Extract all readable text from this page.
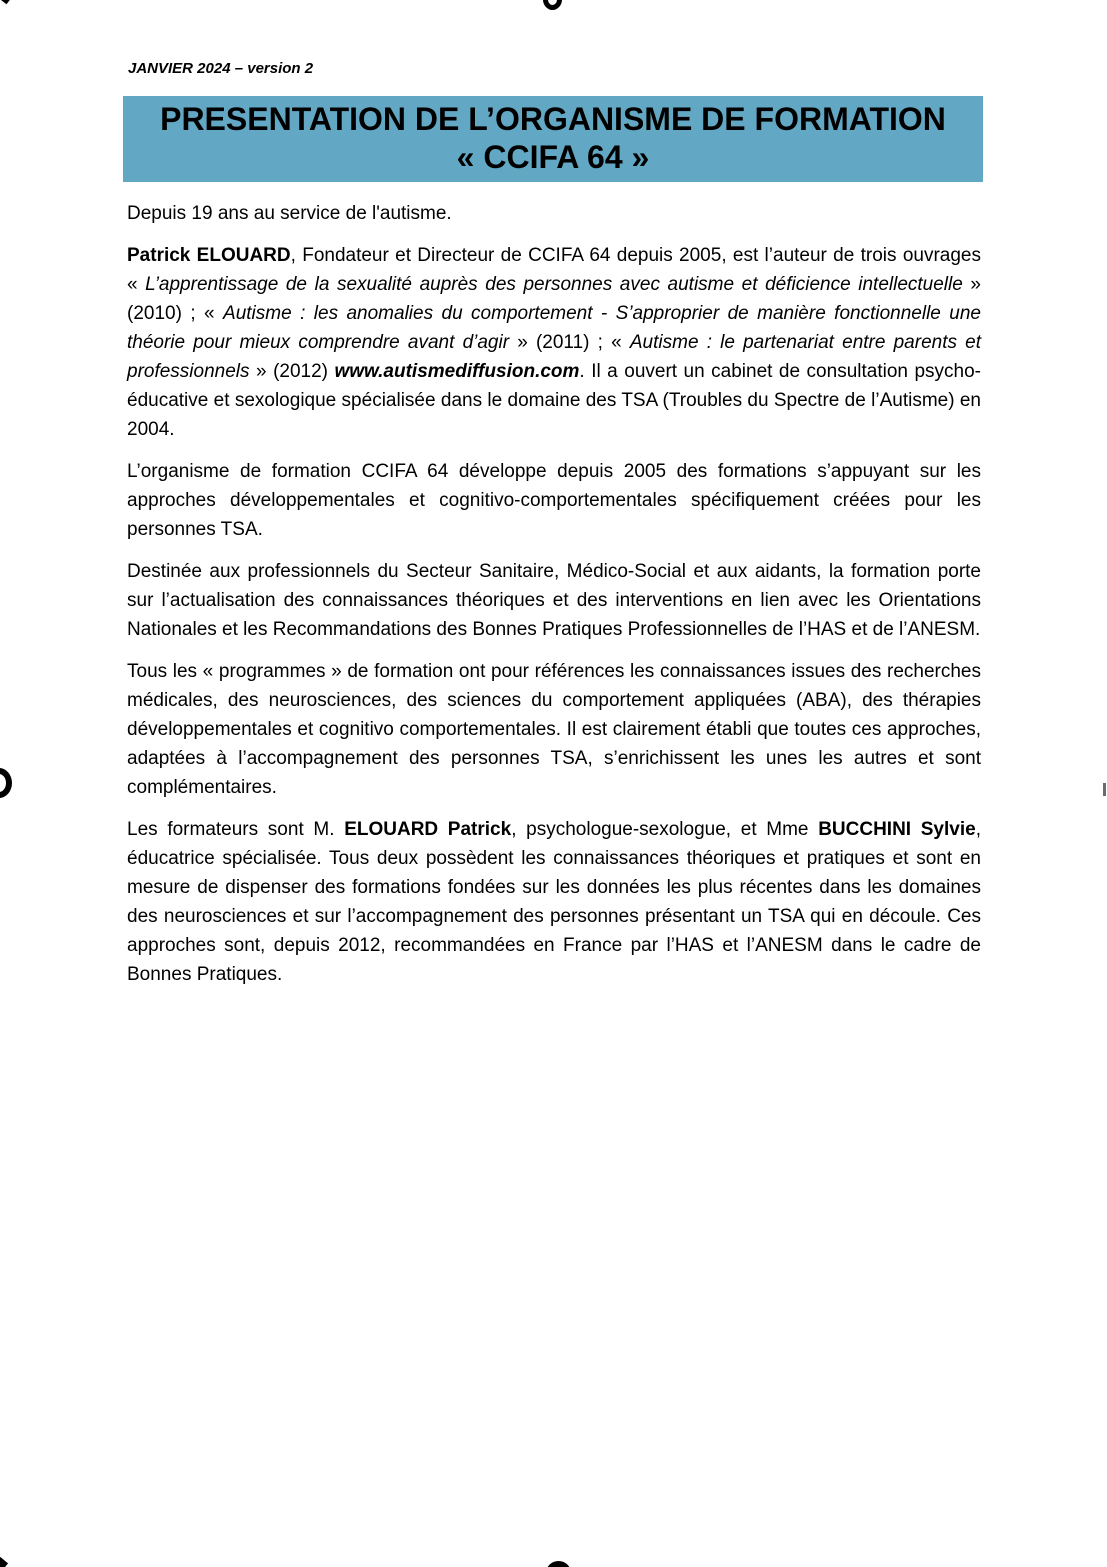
JANVIER 2024 – version 2
PRESENTATION DE L’ORGANISME DE FORMATION
« CCIFA 64 »

Depuis 19 ans au service de l'autisme.

Patrick ELOUARD, Fondateur et Directeur de CCIFA 64 depuis 2005, est l’auteur de trois ouvrages « L’apprentissage de la sexualité auprès des personnes avec autisme et déficience intellectuelle » (2010) ; « Autisme : les anomalies du comportement - S’approprier de manière fonctionnelle une théorie pour mieux comprendre avant d’agir » (2011) ; « Autisme : le partenariat entre parents et professionnels » (2012) www.autismediffusion.com. Il a ouvert un cabinet de consultation psycho-éducative et sexologique spécialisée dans le domaine des TSA (Troubles du Spectre de l’Autisme) en 2004.

L’organisme de formation CCIFA 64 développe depuis 2005 des formations s’appuyant sur les approches développementales et cognitivo-comportementales spécifiquement créées pour les personnes TSA.

Destinée aux professionnels du Secteur Sanitaire, Médico-Social et aux aidants, la formation porte sur l’actualisation des connaissances théoriques et des interventions en lien avec les Orientations Nationales et les Recommandations des Bonnes Pratiques Professionnelles de l’HAS et de l’ANESM.

Tous les « programmes » de formation ont pour références les connaissances issues des recherches médicales, des neurosciences, des sciences du comportement appliquées (ABA), des thérapies développementales et cognitivo comportementales. Il est clairement établi que toutes ces approches, adaptées à l’accompagnement des personnes TSA, s’enrichissent les unes les autres et sont complémentaires.

Les formateurs sont M. ELOUARD Patrick, psychologue-sexologue, et Mme BUCCHINI Sylvie, éducatrice spécialisée. Tous deux possèdent les connaissances théoriques et pratiques et sont en mesure de dispenser des formations fondées sur les données les plus récentes dans les domaines des neurosciences et sur l’accompagnement des personnes présentant un TSA qui en découle. Ces approches sont, depuis 2012, recommandées en France par l’HAS et l’ANESM dans le cadre de Bonnes Pratiques.
